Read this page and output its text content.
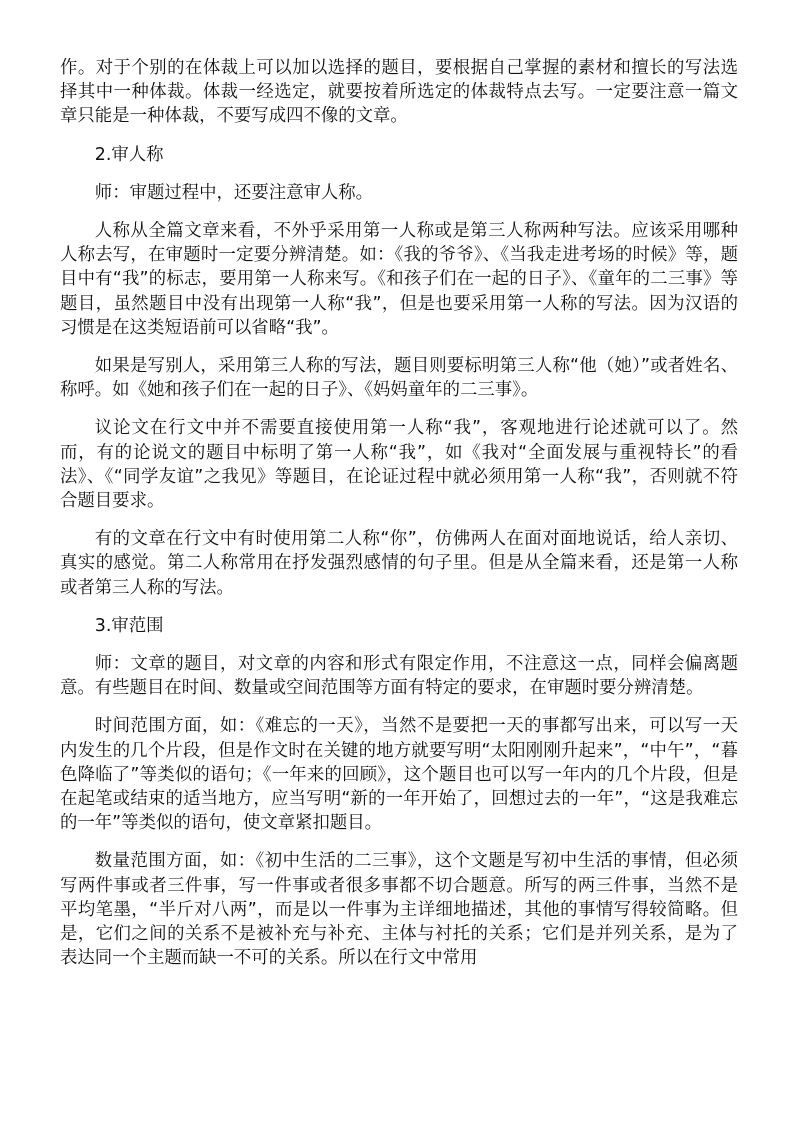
作。对于个别的在体裁上可以加以选择的题目，要根据自己掌握的素材和擅长的写法选择其中一种体裁。体裁一经选定，就要按着所选定的体裁特点去写。一定要注意一篇文章只能是一种体裁，不要写成四不像的文章。

2.审人称

师：审题过程中，还要注意审人称。

人称从全篇文章来看，不外乎采用第一人称或是第三人称两种写法。应该采用哪种人称去写，在审题时一定要分辨清楚。如：《我的爷爷》、《当我走进考场的时候》等，题目中有“我”的标志，要用第一人称来写。《和孩子们在一起的日子》、《童年的二三事》等题目，虽然题目中没有出现第一人称“我”，但是也要采用第一人称的写法。因为汉语的习惯是在这类短语前可以省略“我”。

如果是写别人，采用第三人称的写法，题目则要标明第三人称“他（她）”或者姓名、称呼。如《她和孩子们在一起的日子》、《妈妈童年的二三事》。

议论文在行文中并不需要直接使用第一人称“我”，客观地进行论述就可以了。然而，有的论说文的题目中标明了第一人称“我”，如《我对“全面发展与重视特长”的看法》、《“同学友谊”之我见》等题目，在论证过程中就必须用第一人称“我”，否则就不符合题目要求。

有的文章在行文中有时使用第二人称“你”，仿佛两人在面对面地说话，给人亲切、真实的感觉。第二人称常用在抒发强烈感情的句子里。但是从全篇来看，还是第一人称或者第三人称的写法。

3.审范围

师：文章的题目，对文章的内容和形式有限定作用，不注意这一点，同样会偏离题意。有些题目在时间、数量或空间范围等方面有特定的要求，在审题时要分辨清楚。

时间范围方面，如：《难忘的一天》，当然不是要把一天的事都写出来，可以写一天内发生的几个片段，但是作文时在关键的地方就要写明“太阳刚刚升起来”，“中午”，“暮色降临了”等类似的语句；《一年来的回顾》，这个题目也可以写一年内的几个片段，但是在起笔或结束的适当地方，应当写明“新的一年开始了，回想过去的一年”，“这是我难忘的一年”等类似的语句，使文章紧扣题目。

数量范围方面，如：《初中生活的二三事》，这个文题是写初中生活的事情，但必须写两件事或者三件事，写一件事或者很多事都不切合题意。所写的两三件事，当然不是平均笔墨，“半斤对八两”，而是以一件事为主详细地描述，其他的事情写得较简略。但是，它们之间的关系不是被补充与补充、主体与衬托的关系；它们是并列关系，是为了表达同一个主题而缺一不可的关系。所以在行文中常用
